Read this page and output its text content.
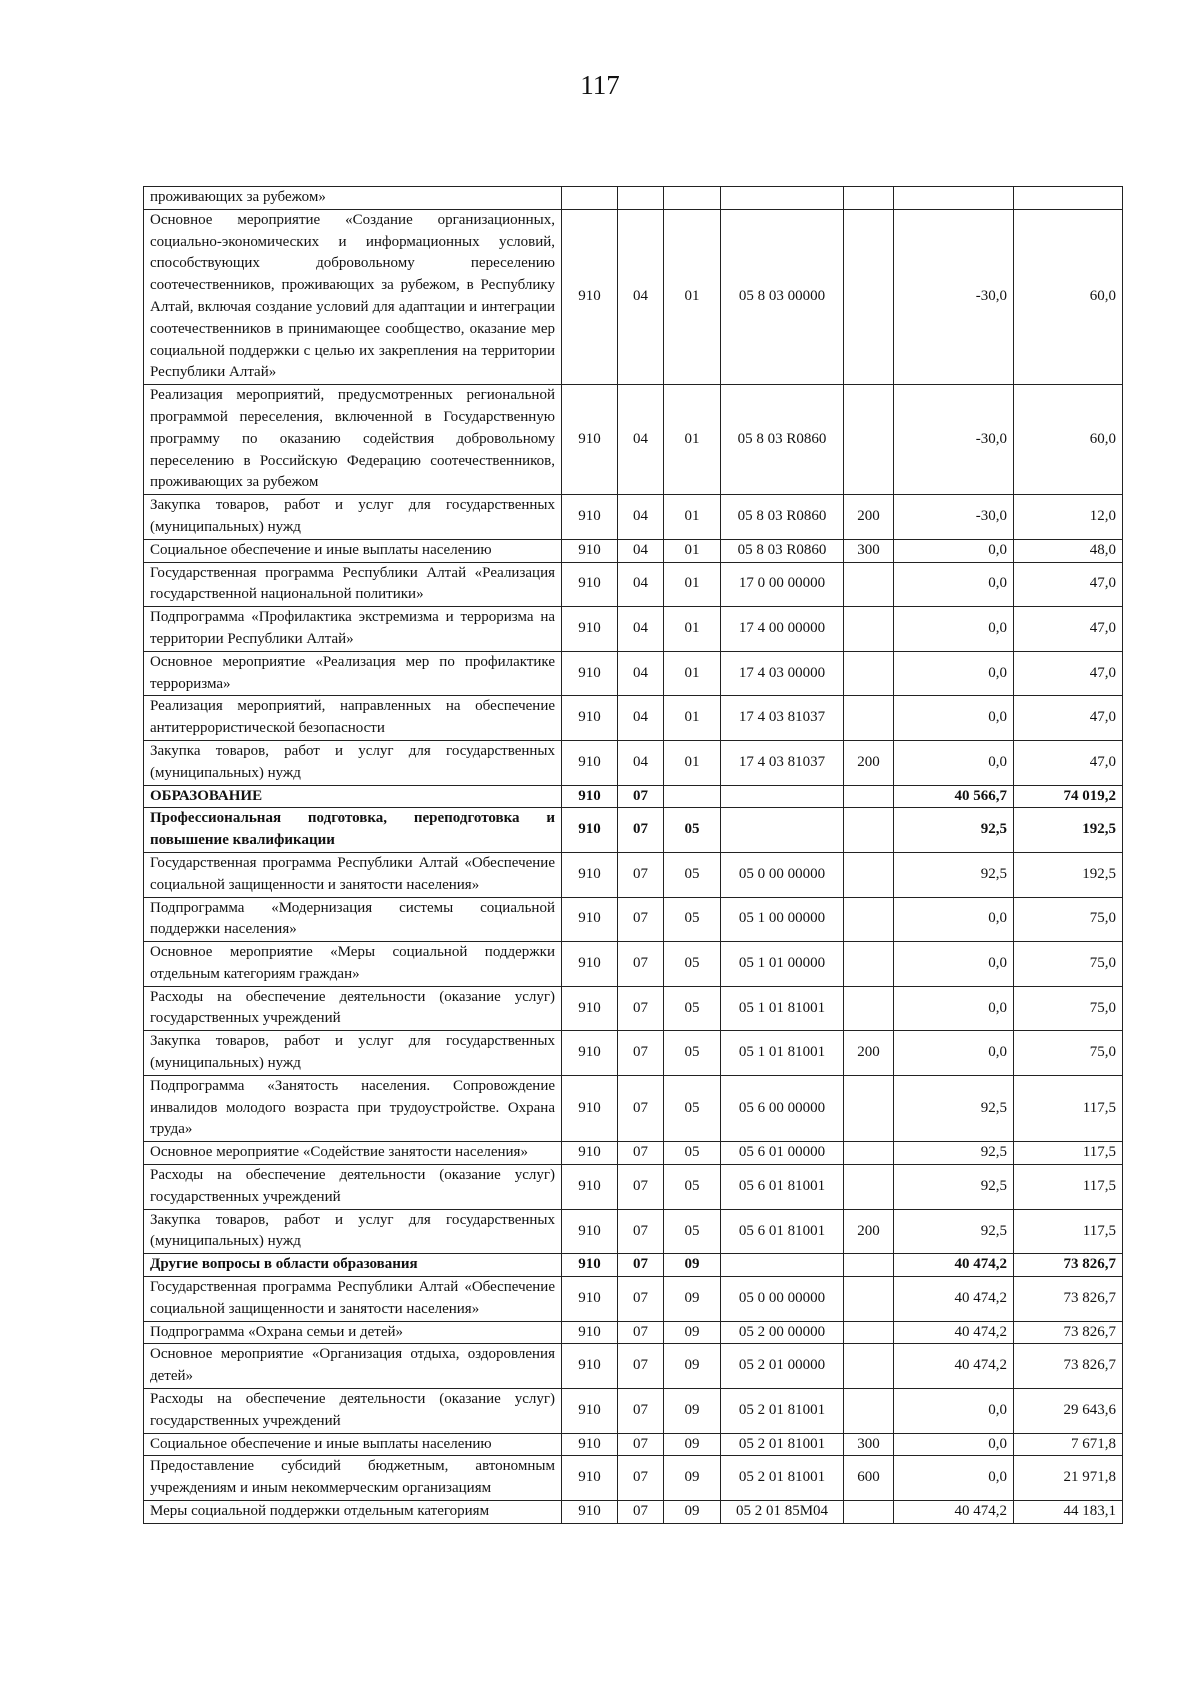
117
проживающих за рубежом»							
Основное мероприятие «Создание организационных, социально-экономических и информационных условий, способствующих добровольному переселению соотечественников, проживающих за рубежом, в Республику Алтай, включая создание условий для адаптации и интеграции соотечественников в принимающее сообщество, оказание мер социальной поддержки с целью их закрепления на территории Республики Алтай»	910	04	01	05 8 03 00000		-30,0	60,0
Реализация мероприятий, предусмотренных региональной программой переселения, включенной в Государственную программу по оказанию содействия добровольному переселению в Российскую Федерацию соотечественников, проживающих за рубежом	910	04	01	05 8 03 R0860		-30,0	60,0
Закупка товаров, работ и услуг для государственных (муниципальных) нужд	910	04	01	05 8 03 R0860	200	-30,0	12,0
Социальное обеспечение и иные выплаты населению	910	04	01	05 8 03 R0860	300	0,0	48,0
Государственная программа Республики Алтай «Реализация государственной национальной политики»	910	04	01	17 0 00 00000		0,0	47,0
Подпрограмма «Профилактика экстремизма и терроризма на территории Республики Алтай»	910	04	01	17 4 00 00000		0,0	47,0
Основное мероприятие «Реализация мер по профилактике терроризма»	910	04	01	17 4 03 00000		0,0	47,0
Реализация мероприятий, направленных на обеспечение антитеррористической безопасности	910	04	01	17 4 03 81037		0,0	47,0
Закупка товаров, работ и услуг для государственных (муниципальных) нужд	910	04	01	17 4 03 81037	200	0,0	47,0
ОБРАЗОВАНИЕ	910	07				40 566,7	74 019,2
Профессиональная подготовка, переподготовка и повышение квалификации	910	07	05			92,5	192,5
Государственная программа Республики Алтай «Обеспечение социальной защищенности и занятости населения»	910	07	05	05 0 00 00000		92,5	192,5
Подпрограмма «Модернизация системы социальной поддержки населения»	910	07	05	05 1 00 00000		0,0	75,0
Основное мероприятие «Меры социальной поддержки отдельным категориям граждан»	910	07	05	05 1 01 00000		0,0	75,0
Расходы на обеспечение деятельности (оказание услуг) государственных учреждений	910	07	05	05 1 01 81001		0,0	75,0
Закупка товаров, работ и услуг для государственных (муниципальных) нужд	910	07	05	05 1 01 81001	200	0,0	75,0
Подпрограмма «Занятость населения. Сопровождение инвалидов молодого возраста при трудоустройстве. Охрана труда»	910	07	05	05 6 00 00000		92,5	117,5
Основное мероприятие «Содействие занятости населения»	910	07	05	05 6 01 00000		92,5	117,5
Расходы на обеспечение деятельности (оказание услуг) государственных учреждений	910	07	05	05 6 01 81001		92,5	117,5
Закупка товаров, работ и услуг для государственных (муниципальных) нужд	910	07	05	05 6 01 81001	200	92,5	117,5
Другие вопросы в области образования	910	07	09			40 474,2	73 826,7
Государственная программа Республики Алтай «Обеспечение социальной защищенности и занятости населения»	910	07	09	05 0 00 00000		40 474,2	73 826,7
Подпрограмма «Охрана семьи и детей»	910	07	09	05 2 00 00000		40 474,2	73 826,7
Основное мероприятие «Организация отдыха, оздоровления детей»	910	07	09	05 2 01 00000		40 474,2	73 826,7
Расходы на обеспечение деятельности (оказание услуг) государственных учреждений	910	07	09	05 2 01 81001		0,0	29 643,6
Социальное обеспечение и иные выплаты населению	910	07	09	05 2 01 81001	300	0,0	7 671,8
Предоставление субсидий бюджетным, автономным учреждениям и иным некоммерческим организациям	910	07	09	05 2 01 81001	600	0,0	21 971,8
Меры социальной поддержки отдельным категориям	910	07	09	05 2 01 85М04		40 474,2	44 183,1
